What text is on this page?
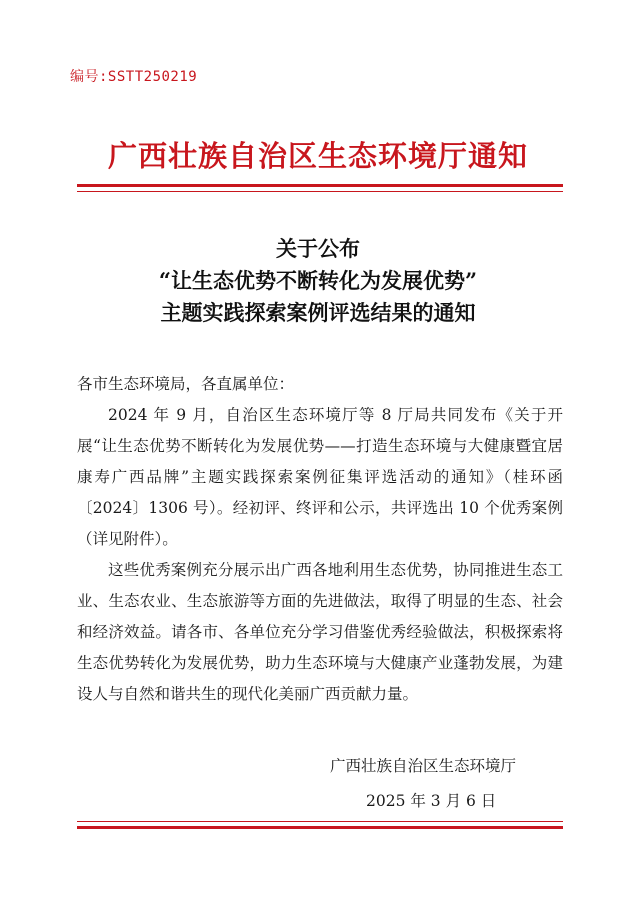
编号:SSTT250219
广西壮族自治区生态环境厅通知
关于公布
“让生态优势不断转化为发展优势”
主题实践探索案例评选结果的通知

各市生态环境局，各直属单位：

2024 年 9 月，自治区生态环境厅等 8 厅局共同发布《关于开展“让生态优势不断转化为发展优势——打造生态环境与大健康暨宜居康寿广西品牌”主题实践探索案例征集评选活动的通知》（桂环函〔2024〕1306 号）。经初评、终评和公示，共评选出 10 个优秀案例（详见附件）。

这些优秀案例充分展示出广西各地利用生态优势，协同推进生态工业、生态农业、生态旅游等方面的先进做法，取得了明显的生态、社会和经济效益。请各市、各单位充分学习借鉴优秀经验做法，积极探索将生态优势转化为发展优势，助力生态环境与大健康产业蓬勃发展，为建设人与自然和谐共生的现代化美丽广西贡献力量。

广西壮族自治区生态环境厅
2025 年 3 月 6 日
